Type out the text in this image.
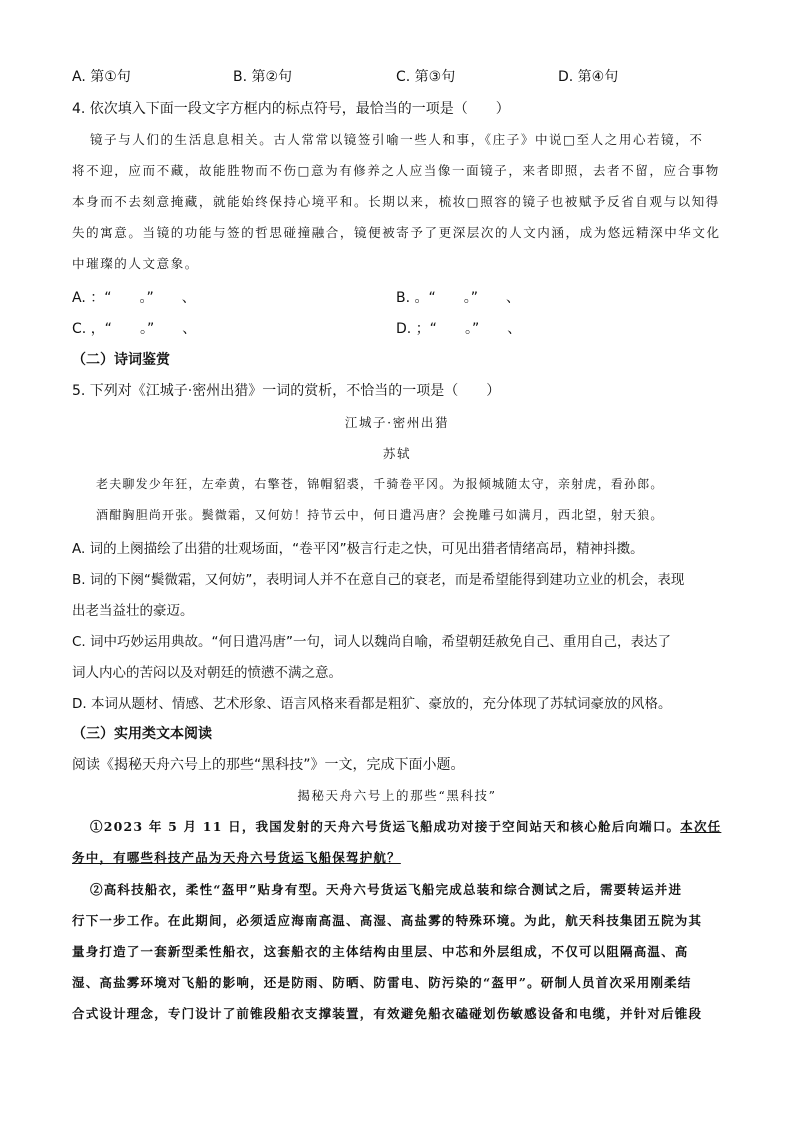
A. 第①句	B. 第②句	C. 第③句	D. 第④句
4. 依次填入下面一段文字方框内的标点符号，最恰当的一项是（　　）
镜子与人们的生活息息相关。古人常常以镜签引喻一些人和事，《庄子》中说□至人之用心若镜，不
将不迎，应而不藏，故能胜物而不伤□意为有修养之人应当像一面镜子，来者即照，去者不留，应合事物
本身而不去刻意掩藏，就能始终保持心境平和。长期以来，梳妆□照容的镜子也被赋予反省自观与以知得
失的寓意。当镜的功能与签的哲思碰撞融合，镜便被寄予了更深层次的人文内涵，成为悠远精深中华文化
中璀璨的人文意象。
A. ：“　　。”　　、	B. 。“　　。”　　、
C. ，“　　。”　　、	D. ；“　　。”　　、
（二）诗词鉴赏
5. 下列对《江城子·密州出猎》一词的赏析，不恰当的一项是（　　）
江城子·密州出猎
苏轼
老夫聊发少年狂，左牵黄，右擎苍，锦帽貂裘，千骑卷平冈。为报倾城随太守，亲射虎，看孙郎。
酒酣胸胆尚开张。鬓微霜，又何妨！持节云中，何日遣冯唐？会挽雕弓如满月，西北望，射天狼。
A. 词的上阕描绘了出猎的壮观场面，“卷平冈”极言行走之快，可见出猎者情绪高昂，精神抖擞。
B. 词的下阕“鬓微霜，又何妨”，表明词人并不在意自己的衰老，而是希望能得到建功立业的机会，表现
出老当益壮的豪迈。
C. 词中巧妙运用典故。“何日遣冯唐”一句，词人以魏尚自喻，希望朝廷赦免自己、重用自己，表达了
词人内心的苦闷以及对朝廷的愤懑不满之意。
D. 本词从题材、情感、艺术形象、语言风格来看都是粗犷、豪放的，充分体现了苏轼词豪放的风格。
（三）实用类文本阅读
阅读《揭秘天舟六号上的那些“黑科技”》一文，完成下面小题。
揭秘天舟六号上的那些“黑科技”
①2023 年 5 月 11 日，我国发射的天舟六号货运飞船成功对接于空间站天和核心舱后向端口。本次任
务中，有哪些科技产品为天舟六号货运飞船保驾护航？
②高科技船衣，柔性“盔甲”贴身有型。天舟六号货运飞船完成总装和综合测试之后，需要转运并进
行下一步工作。在此期间，必须适应海南高温、高湿、高盐雾的特殊环境。为此，航天科技集团五院为其
量身打造了一套新型柔性船衣，这套船衣的主体结构由里层、中芯和外层组成，不仅可以阻隔高温、高
湿、高盐雾环境对飞船的影响，还是防雨、防晒、防雷电、防污染的“盔甲”。研制人员首次采用刚柔结
合式设计理念，专门设计了前锥段船衣支撑装置，有效避免船衣磕碰划伤敏感设备和电缆，并针对后锥段
